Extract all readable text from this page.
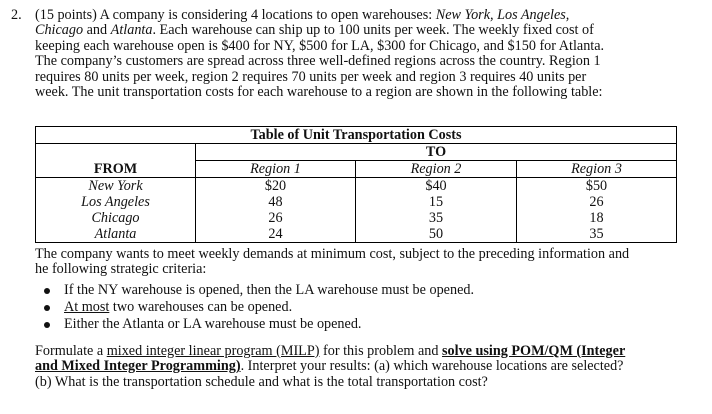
2. (15 points) A company is considering 4 locations to open warehouses: New York, Los Angeles,
Chicago and Atlanta. Each warehouse can ship up to 100 units per week. The weekly fixed cost of
keeping each warehouse open is $400 for NY, $500 for LA, $300 for Chicago, and $150 for Atlanta.
The company’s customers are spread across three well-defined regions across the country. Region 1
requires 80 units per week, region 2 requires 70 units per week and region 3 requires 40 units per
week. The unit transportation costs for each warehouse to a region are shown in the following table:
Table of Unit Transportation Costs			
	TO		
FROM	Region 1	Region 2	Region 3
New York	$20	$40	$50
Los Angeles	48	15	26
Chicago	26	35	18
Atlanta	24	50	35
The company wants to meet weekly demands at minimum cost, subject to the preceding information and
he following strategic criteria:
If the NY warehouse is opened, then the LA warehouse must be opened.
At most two warehouses can be opened.
Either the Atlanta or LA warehouse must be opened.
Formulate a mixed integer linear program (MILP) for this problem and solve using POM/QM (Integer
and Mixed Integer Programming). Interpret your results: (a) which warehouse locations are selected?
(b) What is the transportation schedule and what is the total transportation cost?
